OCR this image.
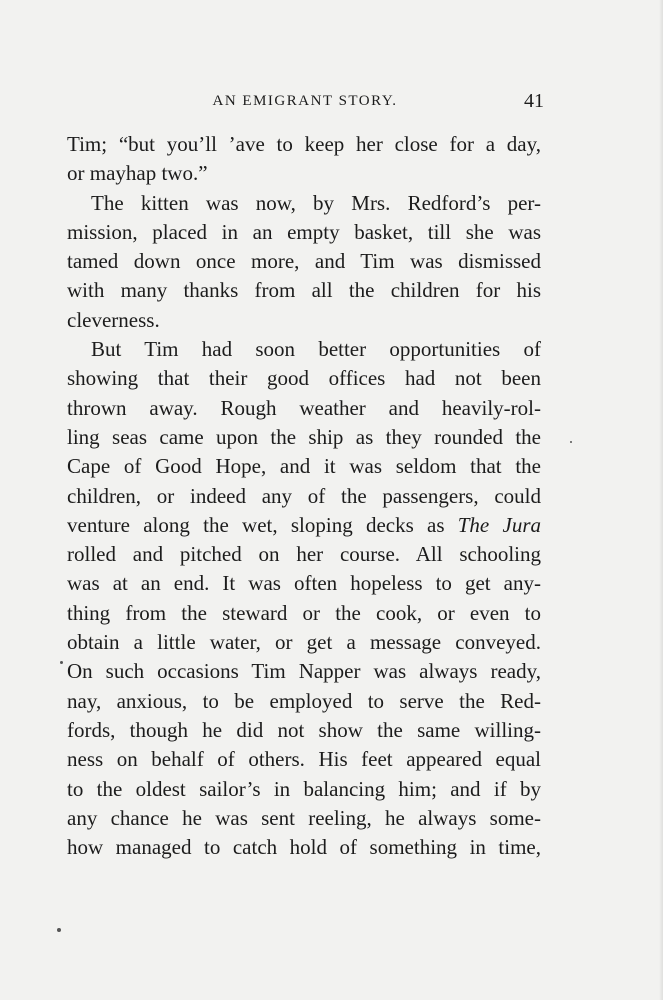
AN EMIGRANT STORY.	41
Tim; “but you’ll ’ave to keep her close for a day,
or mayhap two.”
The kitten was now, by Mrs. Redford’s per-
mission, placed in an empty basket, till she was
tamed down once more, and Tim was dismissed
with many thanks from all the children for his
cleverness.
But Tim had soon better opportunities of
showing that their good offices had not been
thrown away. Rough weather and heavily-rol-
ling seas came upon the ship as they rounded the
Cape of Good Hope, and it was seldom that the
children, or indeed any of the passengers, could
venture along the wet, sloping decks as The Jura
rolled and pitched on her course. All schooling
was at an end. It was often hopeless to get any-
thing from the steward or the cook, or even to
obtain a little water, or get a message conveyed.
On such occasions Tim Napper was always ready,
nay, anxious, to be employed to serve the Red-
fords, though he did not show the same willing-
ness on behalf of others. His feet appeared equal
to the oldest sailor’s in balancing him; and if by
any chance he was sent reeling, he always some-
how managed to catch hold of something in time,
